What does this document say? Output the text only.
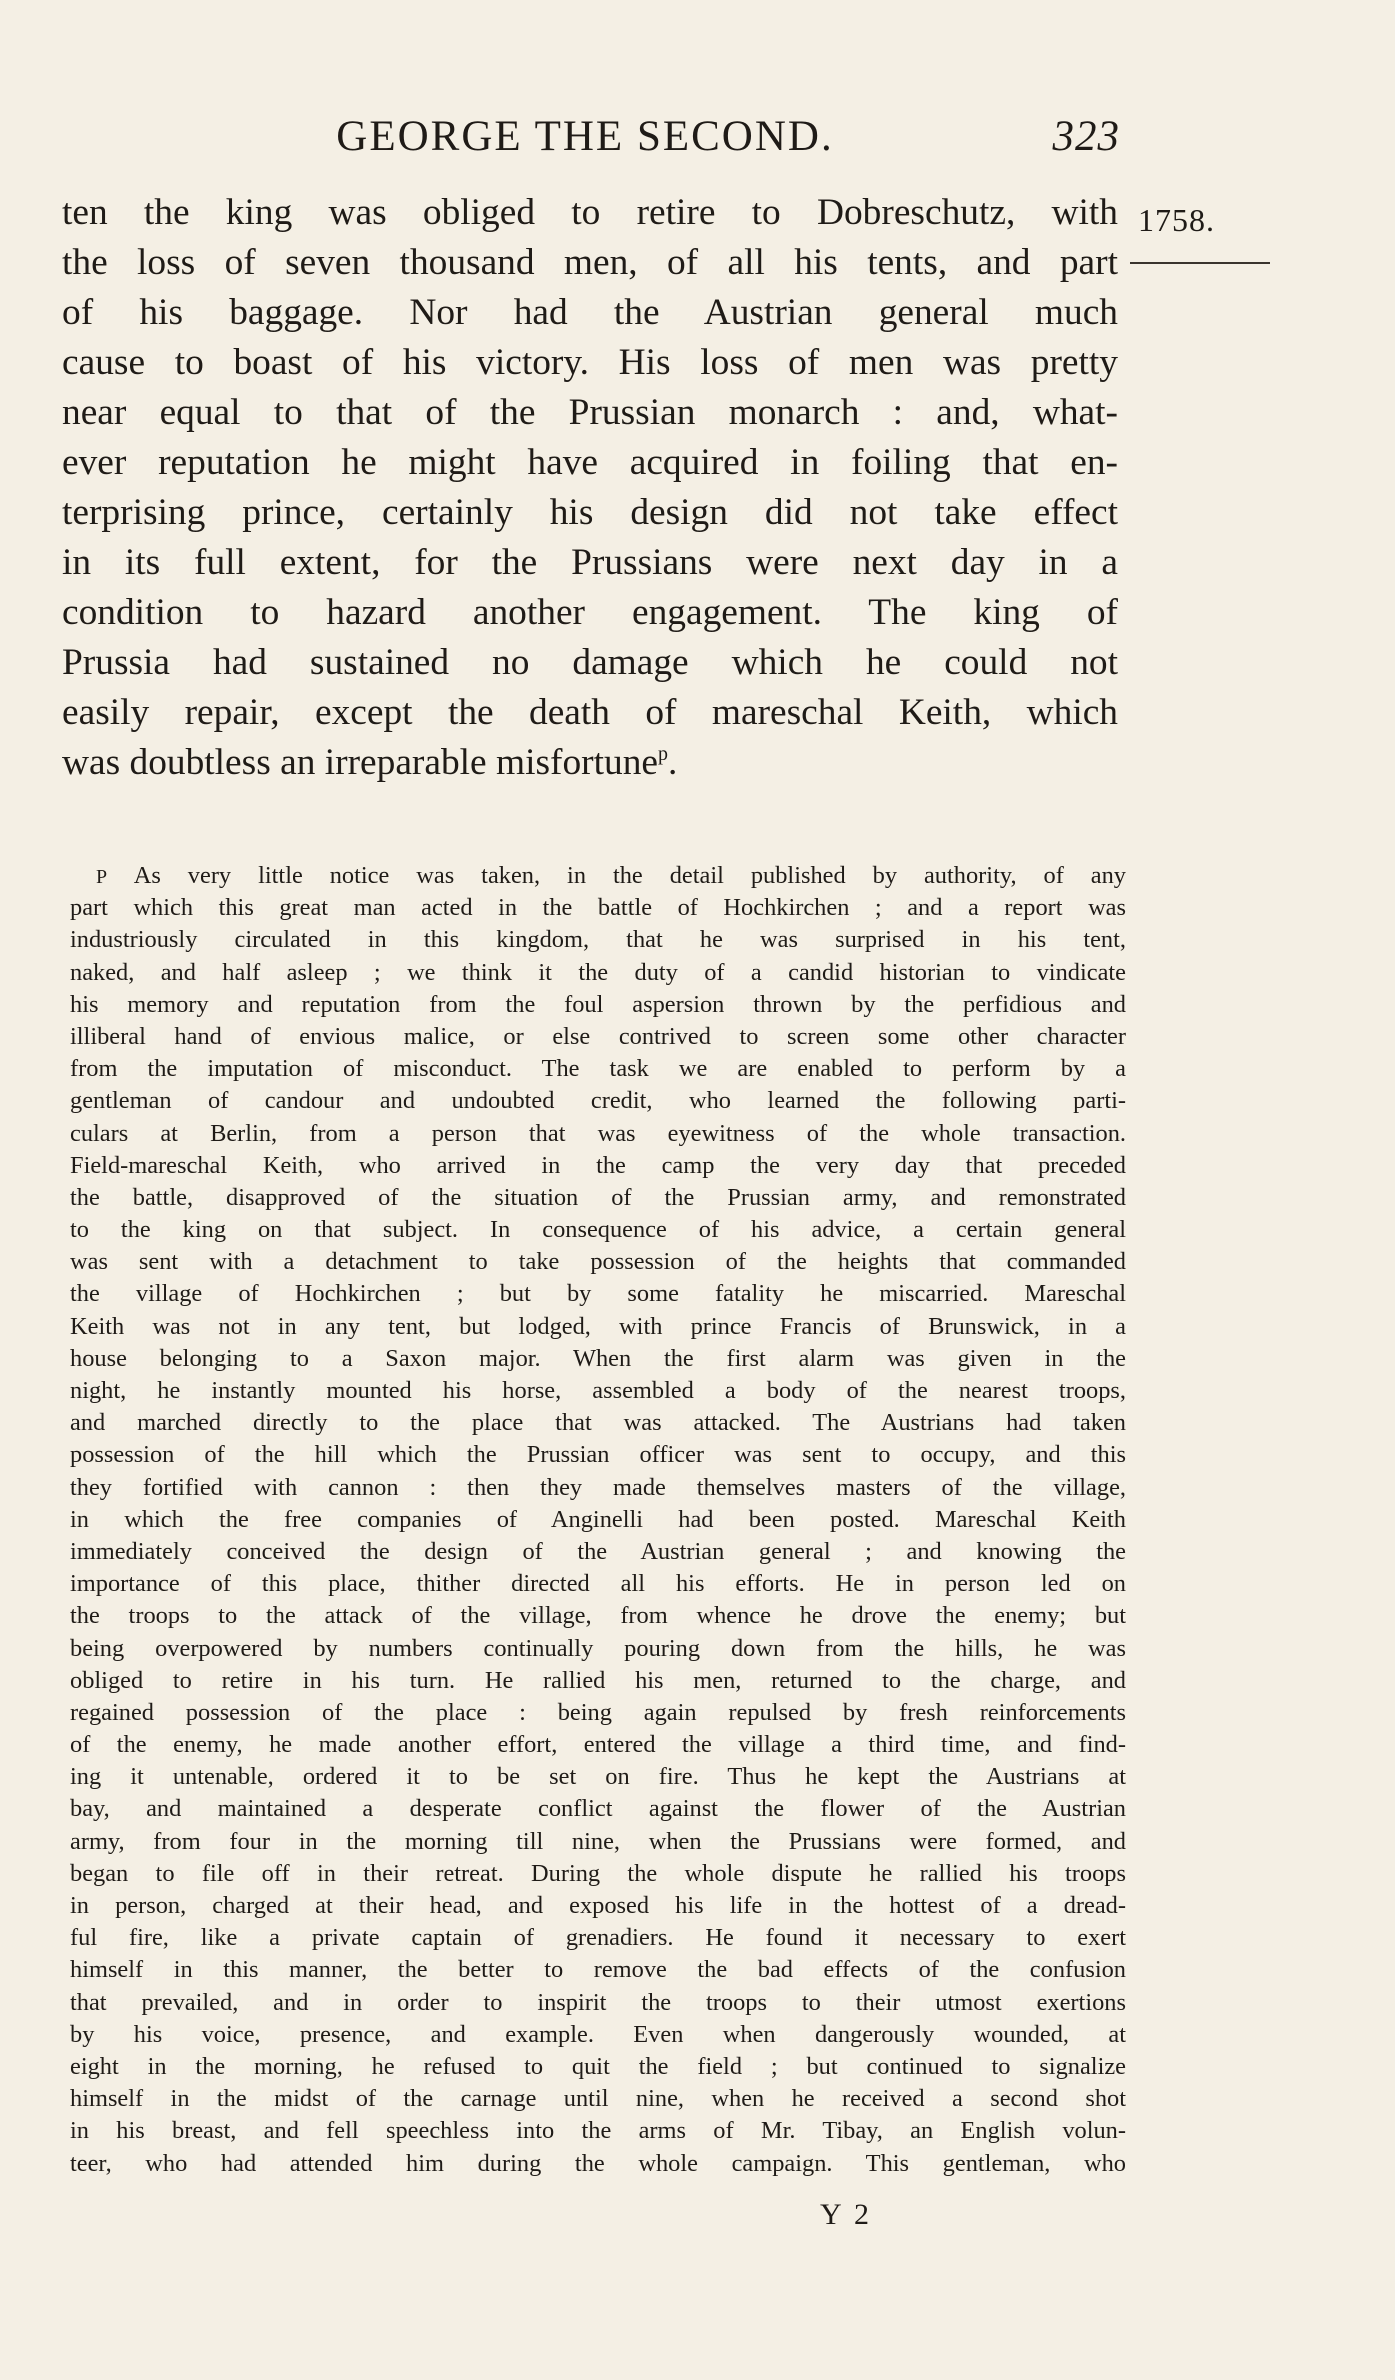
GEORGE THE SECOND.	323
1758.
ten the king was obliged to retire to Dobreschutz, with
the loss of seven thousand men, of all his tents, and part
of his baggage. Nor had the Austrian general much
cause to boast of his victory. His loss of men was pretty
near equal to that of the Prussian monarch : and, what-
ever reputation he might have acquired in foiling that en-
terprising prince, certainly his design did not take effect
in its full extent, for the Prussians were next day in a
condition to hazard another engagement. The king of
Prussia had sustained no damage which he could not
easily repair, except the death of mareschal Keith, which
was doubtless an irreparable misfortune$^p$.
P As very little notice was taken, in the detail published by authority, of any
part which this great man acted in the battle of Hochkirchen ; and a report was
industriously circulated in this kingdom, that he was surprised in his tent,
naked, and half asleep ; we think it the duty of a candid historian to vindicate
his memory and reputation from the foul aspersion thrown by the perfidious and
illiberal hand of envious malice, or else contrived to screen some other character
from the imputation of misconduct. The task we are enabled to perform by a
gentleman of candour and undoubted credit, who learned the following parti-
culars at Berlin, from a person that was eyewitness of the whole transaction.
Field-mareschal Keith, who arrived in the camp the very day that preceded
the battle, disapproved of the situation of the Prussian army, and remonstrated
to the king on that subject. In consequence of his advice, a certain general
was sent with a detachment to take possession of the heights that commanded
the village of Hochkirchen ; but by some fatality he miscarried. Mareschal
Keith was not in any tent, but lodged, with prince Francis of Brunswick, in a
house belonging to a Saxon major. When the first alarm was given in the
night, he instantly mounted his horse, assembled a body of the nearest troops,
and marched directly to the place that was attacked. The Austrians had taken
possession of the hill which the Prussian officer was sent to occupy, and this
they fortified with cannon : then they made themselves masters of the village,
in which the free companies of Anginelli had been posted. Mareschal Keith
immediately conceived the design of the Austrian general ; and knowing the
importance of this place, thither directed all his efforts. He in person led on
the troops to the attack of the village, from whence he drove the enemy; but
being overpowered by numbers continually pouring down from the hills, he was
obliged to retire in his turn. He rallied his men, returned to the charge, and
regained possession of the place : being again repulsed by fresh reinforcements
of the enemy, he made another effort, entered the village a third time, and find-
ing it untenable, ordered it to be set on fire. Thus he kept the Austrians at
bay, and maintained a desperate conflict against the flower of the Austrian
army, from four in the morning till nine, when the Prussians were formed, and
began to file off in their retreat. During the whole dispute he rallied his troops
in person, charged at their head, and exposed his life in the hottest of a dread-
ful fire, like a private captain of grenadiers. He found it necessary to exert
himself in this manner, the better to remove the bad effects of the confusion
that prevailed, and in order to inspirit the troops to their utmost exertions
by his voice, presence, and example. Even when dangerously wounded, at
eight in the morning, he refused to quit the field ; but continued to signalize
himself in the midst of the carnage until nine, when he received a second shot
in his breast, and fell speechless into the arms of Mr. Tibay, an English volun-
teer, who had attended him during the whole campaign. This gentleman, who
Y 2
